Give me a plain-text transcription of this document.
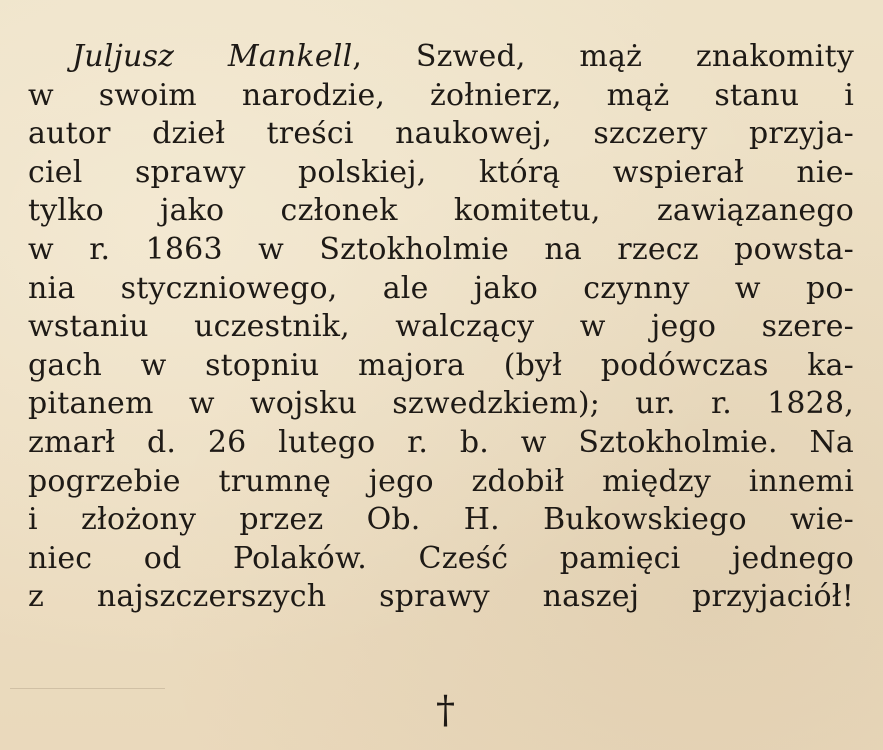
Juljusz Mankell, Szwed, mąż znakomity
w swoim narodzie, żołnierz, mąż stanu i
autor dzieł treści naukowej, szczery przyja-
ciel sprawy polskiej, którą wspierał nie-
tylko jako członek komitetu, zawiązanego
w r. 1863 w Sztokholmie na rzecz powsta-
nia styczniowego, ale jako czynny w po-
wstaniu uczestnik, walczący w jego szere-
gach w stopniu majora (był podówczas ka-
pitanem w wojsku szwedzkiem); ur. r. 1828,
zmarł d. 26 lutego r. b. w Sztokholmie. Na
pogrzebie trumnę jego zdobił między innemi
i złożony przez Ob. H. Bukowskiego wie-
niec od Polaków. Cześć pamięci jednego
z najszczerszych sprawy naszej przyjaciół!
†
